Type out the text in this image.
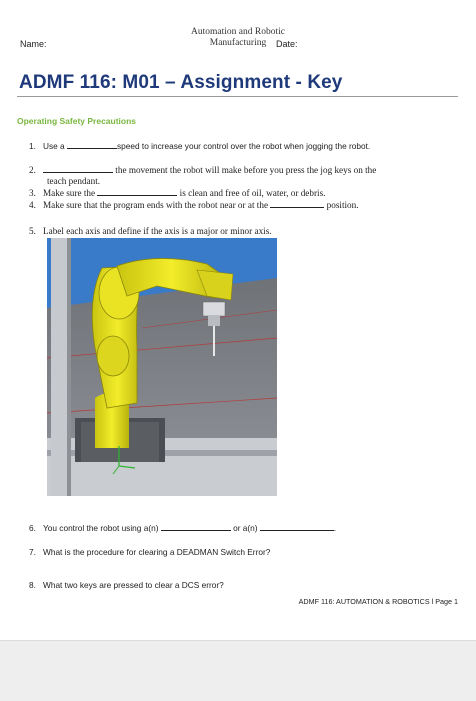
Automation and Robotic
Manufacturing
Name:	Date:
ADMF 116: M01 – Assignment - Key
Operating Safety Precautions
1. Use a	speed to increase your control over the robot when jogging the robot.
2.	the movement the robot will make before you press the jog keys on the
teach pendant.
3. Make sure the	is clean and free of oil, water, or debris.
4. Make sure that the program ends with the robot near or at the	position.
5. Label each axis and define if the axis is a major or minor axis.
6. You control the robot using a(n)	or a(n)	.
7. What is the procedure for clearing a DEADMAN Switch Error?
8. What two keys are pressed to clear a DCS error?
ADMF 116: AUTOMATION & ROBOTICS l Page 1
